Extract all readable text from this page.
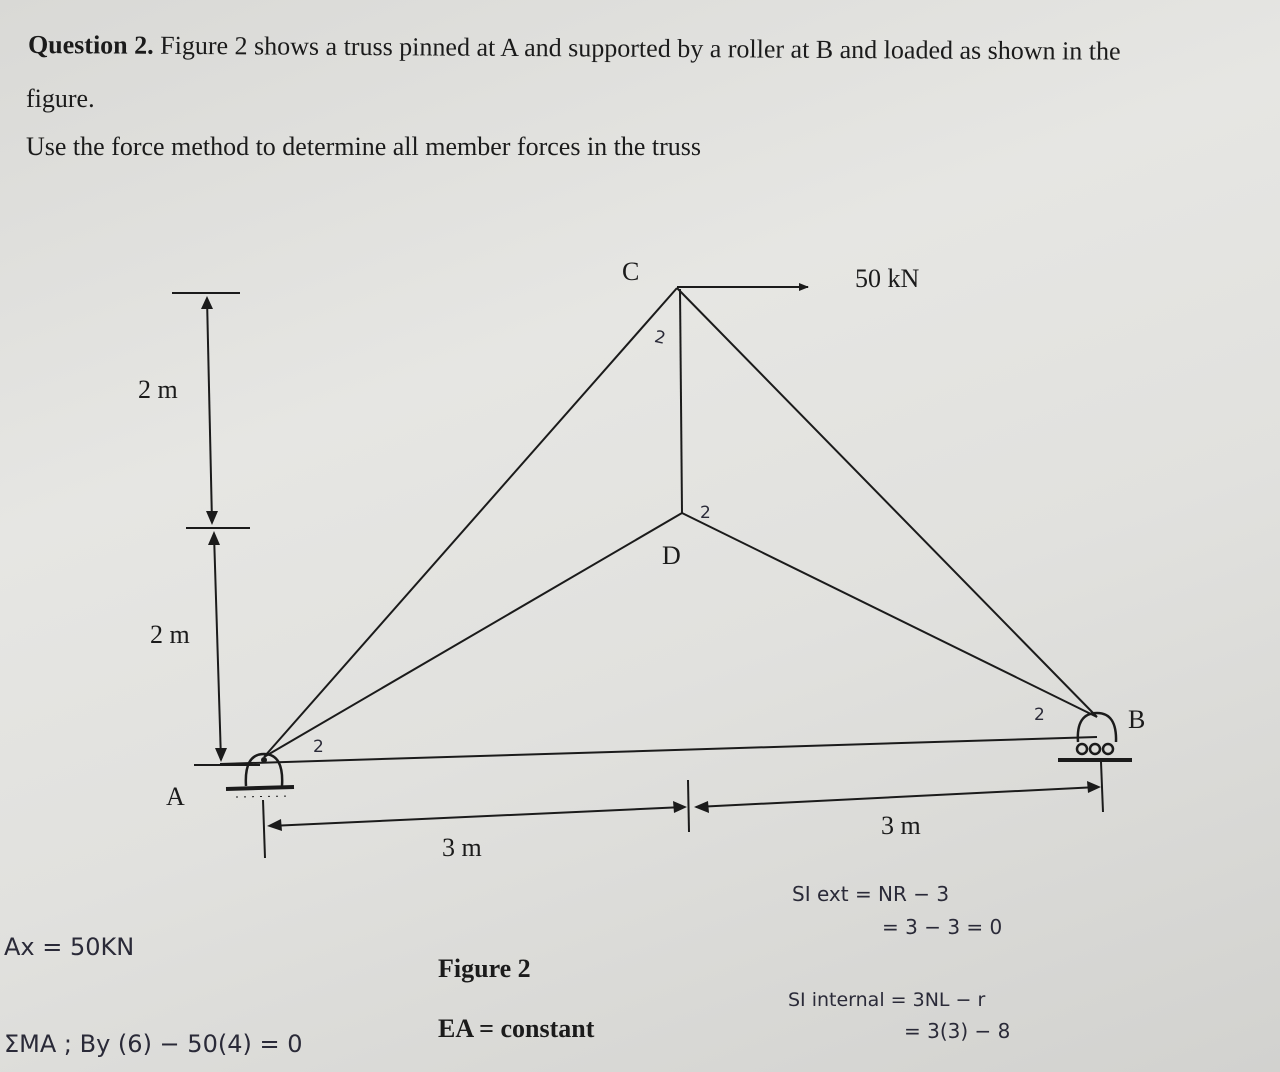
Question 2. Figure 2 shows a truss pinned at A and supported by a roller at B and loaded as shown in the
figure.
Use the force method to determine all member forces in the truss
2 m
2 m
50 kN
C
D
A
B
3 m
3 m
2
2
2
2
Ax = 50KN
ΣMA ; By (6) − 50(4) = 0
SI ext = NR − 3
= 3 − 3 = 0
SI internal = 3NL − r
= 3(3) − 8
Figure 2
EA = constant
